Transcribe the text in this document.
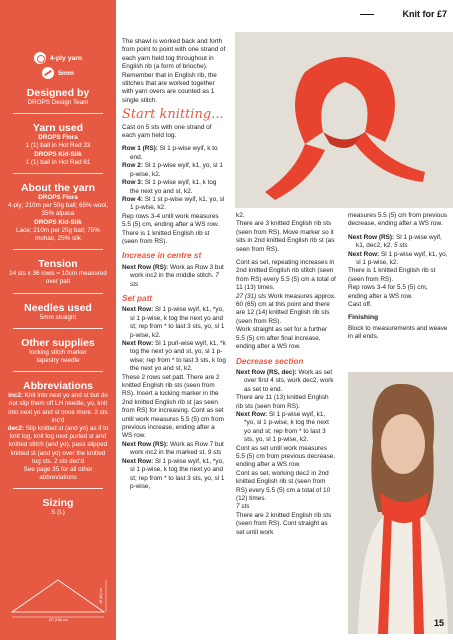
4-ply yarn
5mm
Designed by
DROPS Design Team
Yarn used
DROPS Flora
1 (1) ball in Hot Red 33
DROPS Kid-Silk
1 (1) ball in Hot Red 61
About the yarn
DROPS Flora
4-ply; 210m per 50g ball; 65% wool, 35% alpaca
DROPS Kid-Silk
Lace; 210m per 25g ball; 75% mohair, 25% silk
Tension
14 sts x 36 rows = 10cm measured over patt
Needles used
5mm straight
Other supplies
locking stitch marker
tapestry needle
Abbreviations
inc2: Knit into next yo and st but do not slip them off LH needle, yo, knit into next yo and st once more. 2 sts inc'd
dec2: Slip knitted st (and yo) as if to knit tog, knit tog next purled st and knitted stitch (and yo), pass slipped knitted st (and yo) over the knitted tog sts. 2 sts dec'd
See page 35 for all other abbreviations
Sizing
S (L)
127 (135) cm
18 (20) cm
Knit for £7
The shawl is worked back and forth from point to point with one strand of each yarn held tog throughout in English rib (a form of brioche). Remember that in English rib, the stitches that are worked together with yarn overs are counted as 1 single stitch.
Start knitting...
Cast on 5 sts with one strand of each yarn held tog.
Row 1 (RS): Sl 1 p-wise wyif, k to end.
Row 2: Sl 1 p-wise wyif, k1, yo, sl 1 p-wise, k2.
Row 3: Sl 1 p-wise wyif, k1, k tog the next yo and st, k2.
Row 4: Sl 1 st p-wise wyif, k1, yo, sl 1 p-wise, k2.
Rep rows 3-4 until work measures 5.5 (5) cm, ending after a WS row.
There is 1 knitted English rib st (seen from RS).
Increase in centre st
Next Row (RS): Work as Row 3 but work inc2 in the middle stitch. 7 sts
Set patt
Next Row: Sl 1 p-wise wyif, k1, *yo, sl 1 p-wise, k tog the next yo and st; rep from * to last 3 sts, yo, sl 1 p-wise, k2.
Next Row: Sl 1 purl-wise wyif, k1, *k tog the next yo and st, yo, sl 1 p-wise; rep from * to last 3 sts, k tog the next yo and st, k2.
These 2 rows set patt. There are 2 knitted English rib sts (seen from RS). Insert a locking marker in the 2nd knitted English rib st (as seen from RS) for increasing. Cont as set until work measures 5.5 (5) cm from previous increase, ending after a WS row.
Next Row (RS): Work as Row 7 but work inc2 in the marked st. 9 sts
Next Row: Sl 1 p-wise wyif, k1, *yo, sl 1 p-wise, k tog the next yo and st; rep from * to last 3 sts, yo, sl 1 p-wise,
k2.
There are 3 knitted English rib sts (seen from RS). Move marker so it sits in 2nd knitted English rib st (as seen from RS).
Cont as set, repeating increases in 2nd knitted English rib stitch (seen from RS) every 5.5 (5) cm a total of 11 (13) times.
27 (31) sts Work measures approx. 60 (65) cm at this point and there are 12 (14) knitted English rib sts (seen from RS).
Work straight as set for a further 5.5 (5) cm after final increase, ending after a WS row.
Decrease section
Next Row (RS, dec): Work as set over first 4 sts, work dec2, work as set to end.
There are 11 (13) knitted English rib sts (seen from RS).
Next Row: Sl 1 p-wise wyif, k1, *yo, sl 1 p-wise, k tog the next yo and st; rep from * to last 3 sts, yo, sl 1 p-wise, k2.
Cont as set until work measures 5.5 (5) cm from previous decrease, ending after a WS row.
Cont as set, working dec2 in 2nd knitted English rib st (seen from RS) every 5.5 (5) cm a total of 10 (12) times.
7 sts
There are 2 knitted English rib sts (seen from RS). Cont straight as set until work
measures 5.5 (5) cm from previous decrease, ending after a WS row.
Next Row (RS): Sl 1 p-wise wyif, k1, dec2, k2. 5 sts
Next Row: Sl 1 p-wise wyif, k1, yo, sl 1 p-wise, k2.
There is 1 knitted English rib st (seen from RS).
Rep rows 3-4 for 5.5 (5) cm, ending after a WS row.
Cast off.
Finishing
Block to measurements and weave in all ends.
15
